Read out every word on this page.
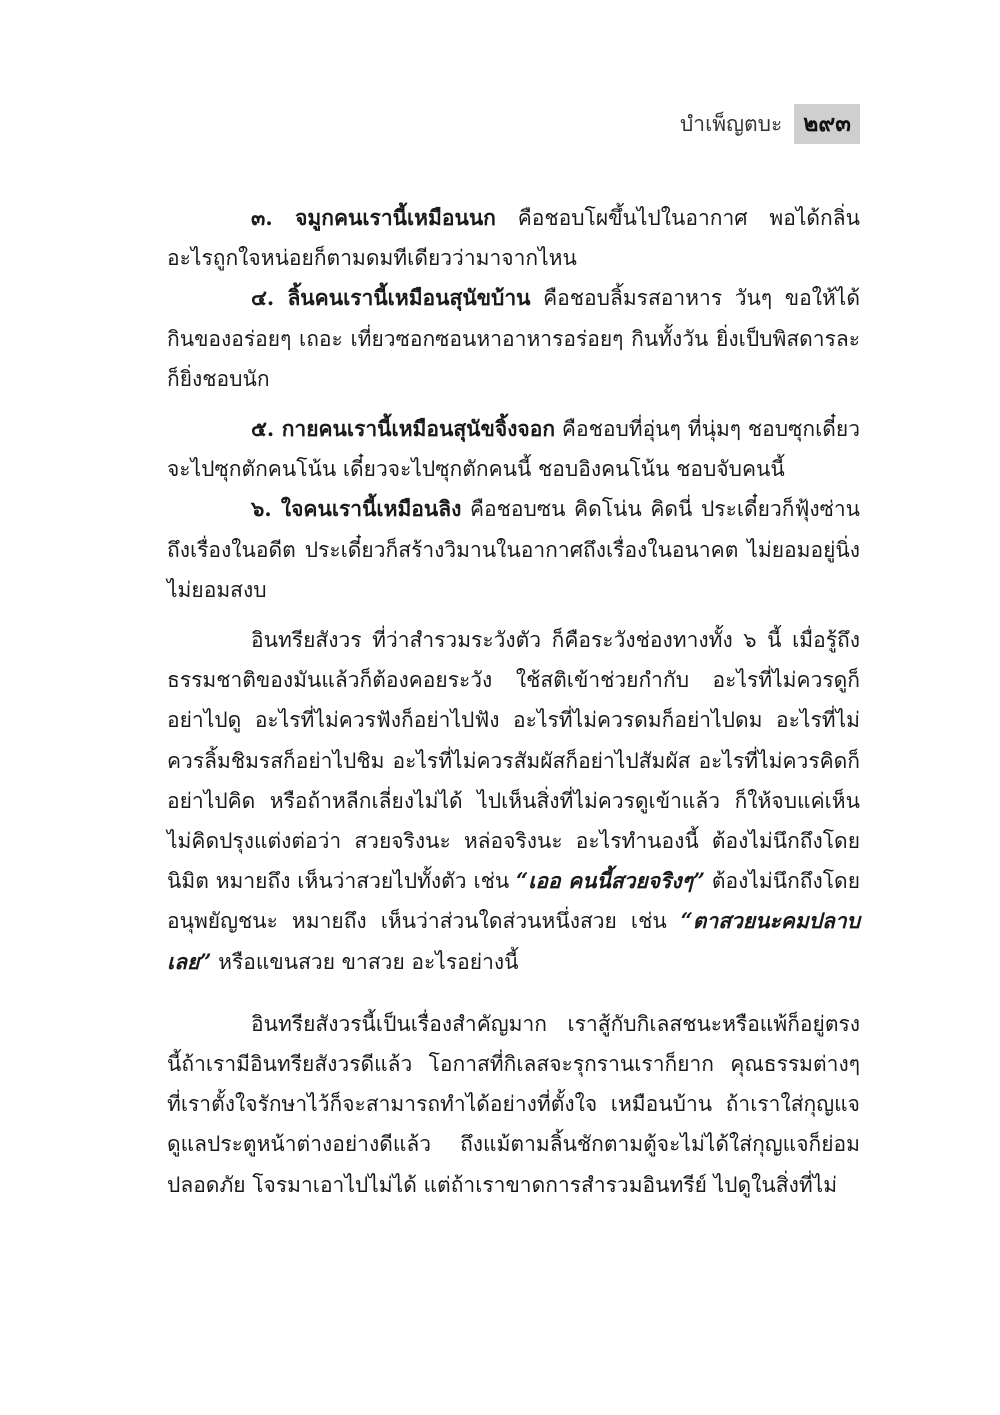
บำเพ็ญตบะ ๒๙๓

๓. จมูกคนเรานี้เหมือนนก คือชอบโผขึ้นไปในอากาศ พอได้กลิ่นอะไรถูกใจหน่อยก็ตามดมทีเดียวว่ามาจากไหน

๔. ลิ้นคนเรานี้เหมือนสุนัขบ้าน คือชอบลิ้มรสอาหาร วันๆ ขอให้ได้กินของอร่อยๆ เถอะ เที่ยวซอกซอนหาอาหารอร่อยๆ กินทั้งวัน ยิ่งเป็บพิสดารละก็ยิ่งชอบนัก

๕. กายคนเรานี้เหมือนสุนัขจิ้งจอก คือชอบที่อุ่นๆ ที่นุ่มๆ ชอบซุกเดี๋ยวจะไปซุกตักคนโน้น เดี๋ยวจะไปซุกตักคนนี้ ชอบอิงคนโน้น ชอบจับคนนี้

๖. ใจคนเรานี้เหมือนลิง คือชอบซน คิดโน่น คิดนี่ ประเดี๋ยวก็ฟุ้งซ่านถึงเรื่องในอดีต ประเดี๋ยวก็สร้างวิมานในอากาศถึงเรื่องในอนาคต ไม่ยอมอยู่นิ่ง ไม่ยอมสงบ

อินทรียสังวร ที่ว่าสำรวมระวังตัว ก็คือระวังช่องทางทั้ง ๖ นี้ เมื่อรู้ถึงธรรมชาติของมันแล้วก็ต้องคอยระวัง ใช้สติเข้าช่วยกำกับ อะไรที่ไม่ควรดูก็อย่าไปดู อะไรที่ไม่ควรฟังก็อย่าไปฟัง อะไรที่ไม่ควรดมก็อย่าไปดม อะไรที่ไม่ควรลิ้มชิมรสก็อย่าไปชิม อะไรที่ไม่ควรสัมผัสก็อย่าไปสัมผัส อะไรที่ไม่ควรคิดก็อย่าไปคิด หรือถ้าหลีกเลี่ยงไม่ได้ ไปเห็นสิ่งที่ไม่ควรดูเข้าแล้ว ก็ให้จบแค่เห็น ไม่คิดปรุงแต่งต่อว่า สวยจริงนะ หล่อจริงนะ อะไรทำนองนี้ ต้องไม่นึกถึงโดยนิมิต หมายถึง เห็นว่าสวยไปทั้งตัว เช่น “เออ คนนี้สวยจริงๆ” ต้องไม่นึกถึงโดยอนุพยัญชนะ หมายถึง เห็นว่าส่วนใดส่วนหนึ่งสวย เช่น “ตาสวยนะคมปลาบเลย” หรือแขนสวย ขาสวย อะไรอย่างนี้

อินทรียสังวรนี้เป็นเรื่องสำคัญมาก เราสู้กับกิเลสชนะหรือแพ้ก็อยู่ตรงนี้ถ้าเรามีอินทรียสังวรดีแล้ว โอกาสที่กิเลสจะรุกรานเราก็ยาก คุณธรรมต่างๆ ที่เราตั้งใจรักษาไว้ก็จะสามารถทำได้อย่างที่ตั้งใจ เหมือนบ้าน ถ้าเราใส่กุญแจดูแลประตูหน้าต่างอย่างดีแล้ว ถึงแม้ตามลิ้นชักตามตู้จะไม่ได้ใส่กุญแจก็ย่อมปลอดภัย โจรมาเอาไปไม่ได้ แต่ถ้าเราขาดการสำรวมอินทรีย์ ไปดูในสิ่งที่ไม่
